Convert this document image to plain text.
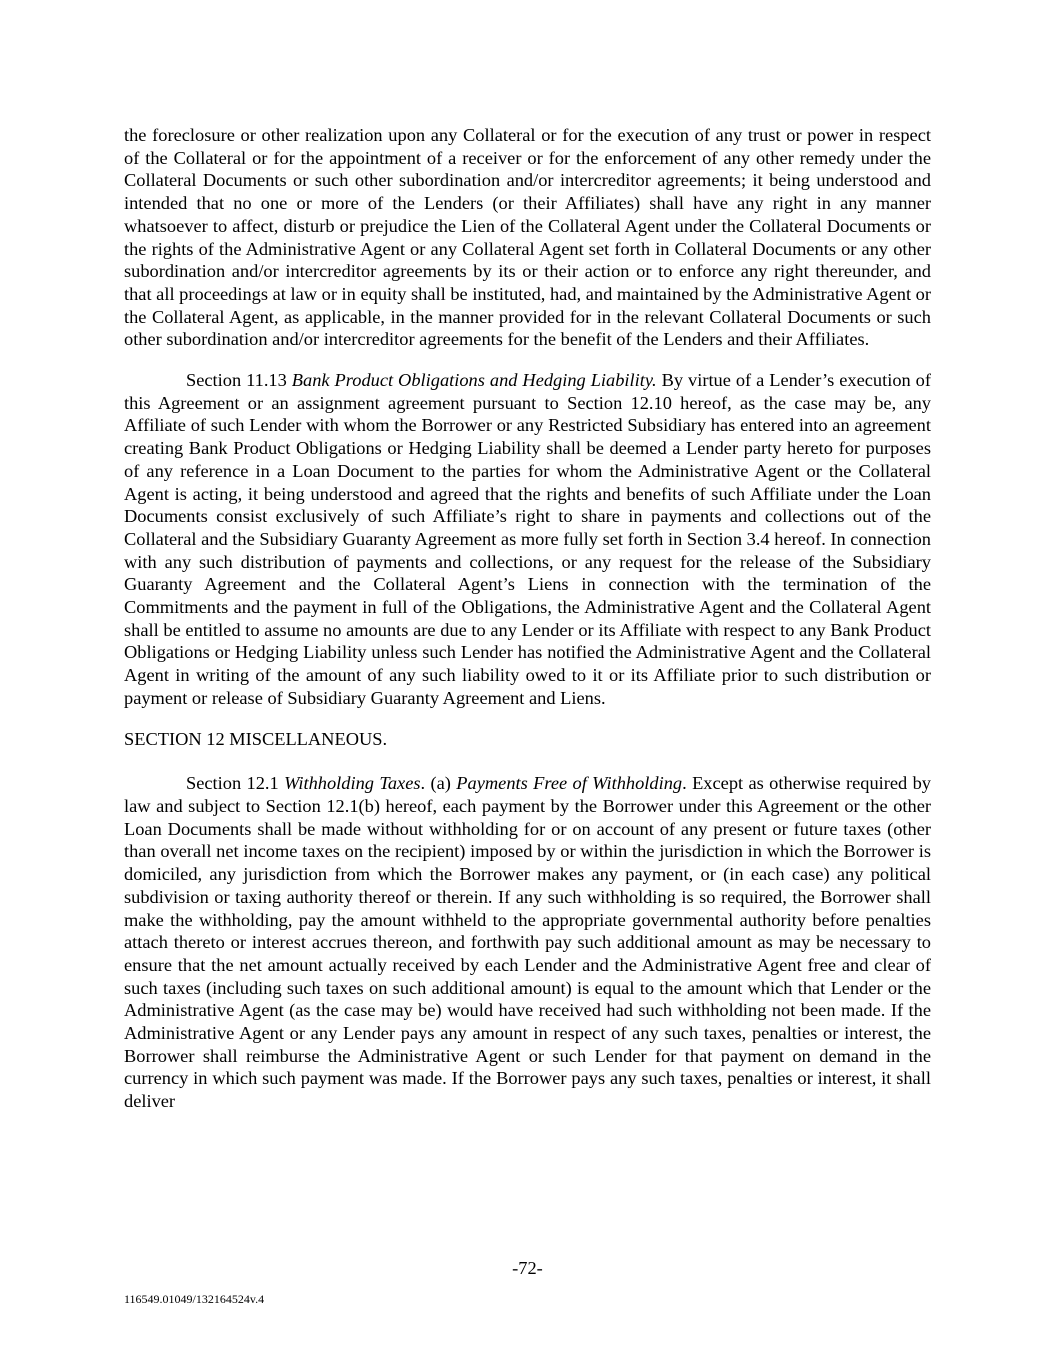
the foreclosure or other realization upon any Collateral or for the execution of any trust or power in respect of the Collateral or for the appointment of a receiver or for the enforcement of any other remedy under the Collateral Documents or such other subordination and/or intercreditor agreements; it being understood and intended that no one or more of the Lenders (or their Affiliates) shall have any right in any manner whatsoever to affect, disturb or prejudice the Lien of the Collateral Agent under the Collateral Documents or the rights of the Administrative Agent or any Collateral Agent set forth in Collateral Documents or any other subordination and/or intercreditor agreements by its or their action or to enforce any right thereunder, and that all proceedings at law or in equity shall be instituted, had, and maintained by the Administrative Agent or the Collateral Agent, as applicable, in the manner provided for in the relevant Collateral Documents or such other subordination and/or intercreditor agreements for the benefit of the Lenders and their Affiliates.

Section 11.13 Bank Product Obligations and Hedging Liability. By virtue of a Lender’s execution of this Agreement or an assignment agreement pursuant to Section 12.10 hereof, as the case may be, any Affiliate of such Lender with whom the Borrower or any Restricted Subsidiary has entered into an agreement creating Bank Product Obligations or Hedging Liability shall be deemed a Lender party hereto for purposes of any reference in a Loan Document to the parties for whom the Administrative Agent or the Collateral Agent is acting, it being understood and agreed that the rights and benefits of such Affiliate under the Loan Documents consist exclusively of such Affiliate’s right to share in payments and collections out of the Collateral and the Subsidiary Guaranty Agreement as more fully set forth in Section 3.4 hereof. In connection with any such distribution of payments and collections, or any request for the release of the Subsidiary Guaranty Agreement and the Collateral Agent’s Liens in connection with the termination of the Commitments and the payment in full of the Obligations, the Administrative Agent and the Collateral Agent shall be entitled to assume no amounts are due to any Lender or its Affiliate with respect to any Bank Product Obligations or Hedging Liability unless such Lender has notified the Administrative Agent and the Collateral Agent in writing of the amount of any such liability owed to it or its Affiliate prior to such distribution or payment or release of Subsidiary Guaranty Agreement and Liens.

SECTION 12 MISCELLANEOUS.

Section 12.1 Withholding Taxes. (a) Payments Free of Withholding. Except as otherwise required by law and subject to Section 12.1(b) hereof, each payment by the Borrower under this Agreement or the other Loan Documents shall be made without withholding for or on account of any present or future taxes (other than overall net income taxes on the recipient) imposed by or within the jurisdiction in which the Borrower is domiciled, any jurisdiction from which the Borrower makes any payment, or (in each case) any political subdivision or taxing authority thereof or therein. If any such withholding is so required, the Borrower shall make the withholding, pay the amount withheld to the appropriate governmental authority before penalties attach thereto or interest accrues thereon, and forthwith pay such additional amount as may be necessary to ensure that the net amount actually received by each Lender and the Administrative Agent free and clear of such taxes (including such taxes on such additional amount) is equal to the amount which that Lender or the Administrative Agent (as the case may be) would have received had such withholding not been made. If the Administrative Agent or any Lender pays any amount in respect of any such taxes, penalties or interest, the Borrower shall reimburse the Administrative Agent or such Lender for that payment on demand in the currency in which such payment was made. If the Borrower pays any such taxes, penalties or interest, it shall deliver

-72-
116549.01049/132164524v.4
